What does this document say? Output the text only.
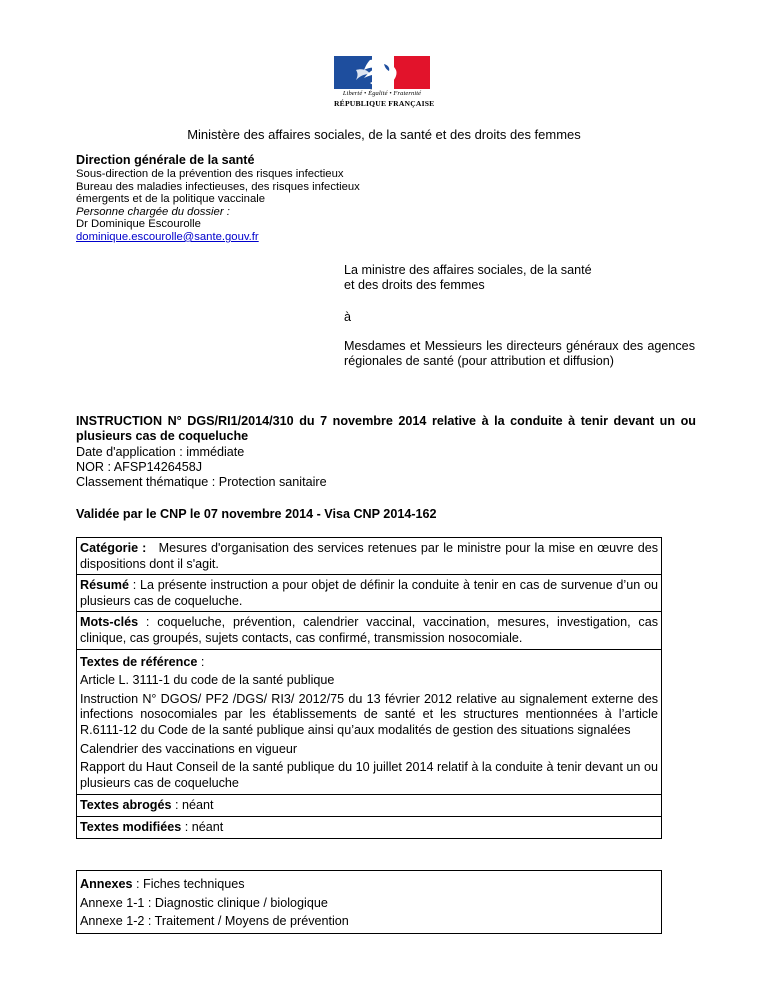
Liberté • Égalité • Fraternité
RÉPUBLIQUE FRANÇAISE
Ministère des affaires sociales, de la santé et des droits des femmes
Direction générale de la santé
Sous-direction de la prévention des risques infectieux
Bureau des maladies infectieuses, des risques infectieux
émergents et de la politique vaccinale
Personne chargée du dossier :
Dr Dominique Escourolle
dominique.escourolle@sante.gouv.fr
La ministre des affaires sociales, de la santé
et des droits des femmes
à
Mesdames et Messieurs les directeurs généraux des agences régionales de santé (pour attribution et diffusion)
INSTRUCTION N° DGS/RI1/2014/310 du 7 novembre 2014 relative à la conduite à tenir devant un ou plusieurs cas de coqueluche
Date d'application : immédiate
NOR : AFSP1426458J
Classement thématique : Protection sanitaire
Validée par le CNP le 07 novembre 2014 - Visa CNP 2014-162
Catégorie :   Mesures d'organisation des services retenues par le ministre pour la mise en œuvre des dispositions dont il s'agit.
Résumé : La présente instruction a pour objet de définir la conduite à tenir en cas de survenue d’un ou plusieurs cas de coqueluche.
Mots-clés : coqueluche, prévention, calendrier vaccinal, vaccination, mesures, investigation, cas clinique, cas groupés, sujets contacts, cas confirmé, transmission nosocomiale.
Textes de référence :
Article L. 3111-1 du code de la santé publique
Instruction N° DGOS/ PF2 /DGS/ RI3/ 2012/75 du 13 février 2012 relative au signalement externe des infections nosocomiales par les établissements de santé et les structures mentionnées à l’article R.6111-12 du Code de la santé publique ainsi qu’aux modalités de gestion des situations signalées
Calendrier des vaccinations en vigueur
Rapport du Haut Conseil de la santé publique du 10 juillet 2014 relatif à la conduite à tenir devant un ou plusieurs cas de coqueluche
Textes abrogés : néant
Textes modifiées : néant
Annexes : Fiches techniques
Annexe 1-1 : Diagnostic clinique / biologique
Annexe 1-2 : Traitement / Moyens de prévention
